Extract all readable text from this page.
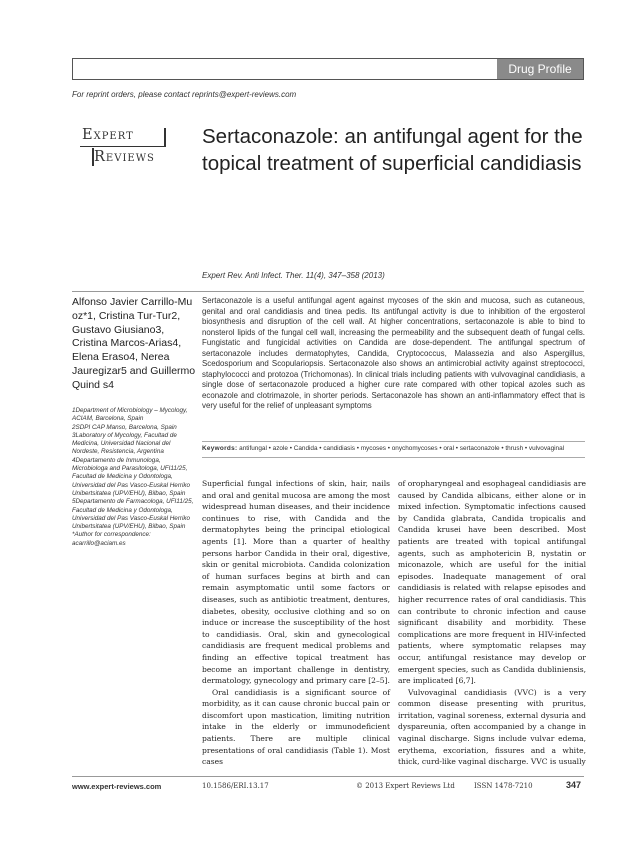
Drug Profile
For reprint orders, please contact reprints@expert-reviews.com
Expert
Reviews
Sertaconazole: an antifungal agent for the topical treatment of superficial candidiasis
Expert Rev. Anti Infect. Ther. 11(4), 347–358 (2013)
Alfonso Javier Carrillo-Mu oz*1, Cristina Tur-Tur2, Gustavo Giusiano3, Cristina Marcos-Arias4, Elena Eraso4, Nerea Jauregizar5 and Guillermo Quind s4

1Department of Microbiology – Mycology, ACIAM, Barcelona, Spain

2SDPI CAP Manso, Barcelona, Spain

3Laboratory of Mycology, Facultad de Medicina, Universidad Nacional del Nordeste, Resistencia, Argentina

4Departamento de Inmunologa, Microbiologa and Parasitologa, UFI11/25, Facultad de Medicina y Odontologa, Universidad del Pas Vasco-Euskal Herriko Unibertsitatea (UPV/EHU), Bilbao, Spain

5Departamento de Farmacologa, UFI11/25, Facultad de Medicina y Odontologa, Universidad del Pas Vasco-Euskal Herriko Unibertsitatea (UPV/EHU), Bilbao, Spain

*Author for correspondence: acarrillo@aciam.es

Sertaconazole is a useful antifungal agent against mycoses of the skin and mucosa, such as cutaneous, genital and oral candidiasis and tinea pedis. Its antifungal activity is due to inhibition of the ergosterol biosynthesis and disruption of the cell wall. At higher concentrations, sertaconazole is able to bind to nonsterol lipids of the fungal cell wall, increasing the permeability and the subsequent death of fungal cells. Fungistatic and fungicidal activities on Candida are dose-dependent. The antifungal spectrum of sertaconazole includes dermatophytes, Candida, Cryptococcus, Malassezia and also Aspergillus, Scedosporium and Scopulariopsis. Sertaconazole also shows an antimicrobial activity against streptococci, staphylococci and protozoa (Trichomonas). In clinical trials including patients with vulvovaginal candidiasis, a single dose of sertaconazole produced a higher cure rate compared with other topical azoles such as econazole and clotrimazole, in shorter periods. Sertaconazole has shown an anti-inflammatory effect that is very useful for the relief of unpleasant symptoms
Keywords: antifungal • azole • Candida • candidiasis • mycoses • onychomycoses • oral • sertaconazole • thrush • vulvovaginal

Superficial fungal infections of skin, hair, nails and oral and genital mucosa are among the most widespread human diseases, and their incidence continues to rise, with Candida and the dermatophytes being the principal etiological agents [1]. More than a quarter of healthy persons harbor Candida in their oral, digestive, skin or genital microbiota. Candida colonization of human surfaces begins at birth and can remain asymptomatic until some factors or diseases, such as antibiotic treatment, dentures, diabetes, obesity, occlusive clothing and so on induce or increase the susceptibility of the host to candidiasis. Oral, skin and gynecological candidiasis are frequent medical problems and finding an effective topical treatment has become an important challenge in dentistry, dermatology, gynecology and primary care [2–5].

Oral candidiasis is a significant source of morbidity, as it can cause chronic buccal pain or discomfort upon mastication, limiting nutrition intake in the elderly or immunodeficient patients. There are multiple clinical presentations of oral candidiasis (Table 1). Most cases

of oropharyngeal and esophageal candidiasis are caused by Candida albicans, either alone or in mixed infection. Symptomatic infections caused by Candida glabrata, Candida tropicalis and Candida krusei have been described. Most patients are treated with topical antifungal agents, such as amphotericin B, nystatin or miconazole, which are useful for the initial episodes. Inadequate management of oral candidiasis is related with relapse episodes and higher recurrence rates of oral candidiasis. This can contribute to chronic infection and cause significant disability and morbidity. These complications are more frequent in HIV-infected patients, where symptomatic relapses may occur, antifungal resistance may develop or emergent species, such as Candida dubliniensis, are implicated [6,7].

Vulvovaginal candidiasis (VVC) is a very common disease presenting with pruritus, irritation, vaginal soreness, external dysuria and dyspareunia, often accompanied by a change in vaginal discharge. Signs include vulvar edema, erythema, excoriation, fissures and a white, thick, curd-like vaginal discharge. VVC is usually

www.expert-reviews.com	10.1586/ERI.13.17	© 2013 Expert Reviews Ltd	ISSN 1478-7210	347
